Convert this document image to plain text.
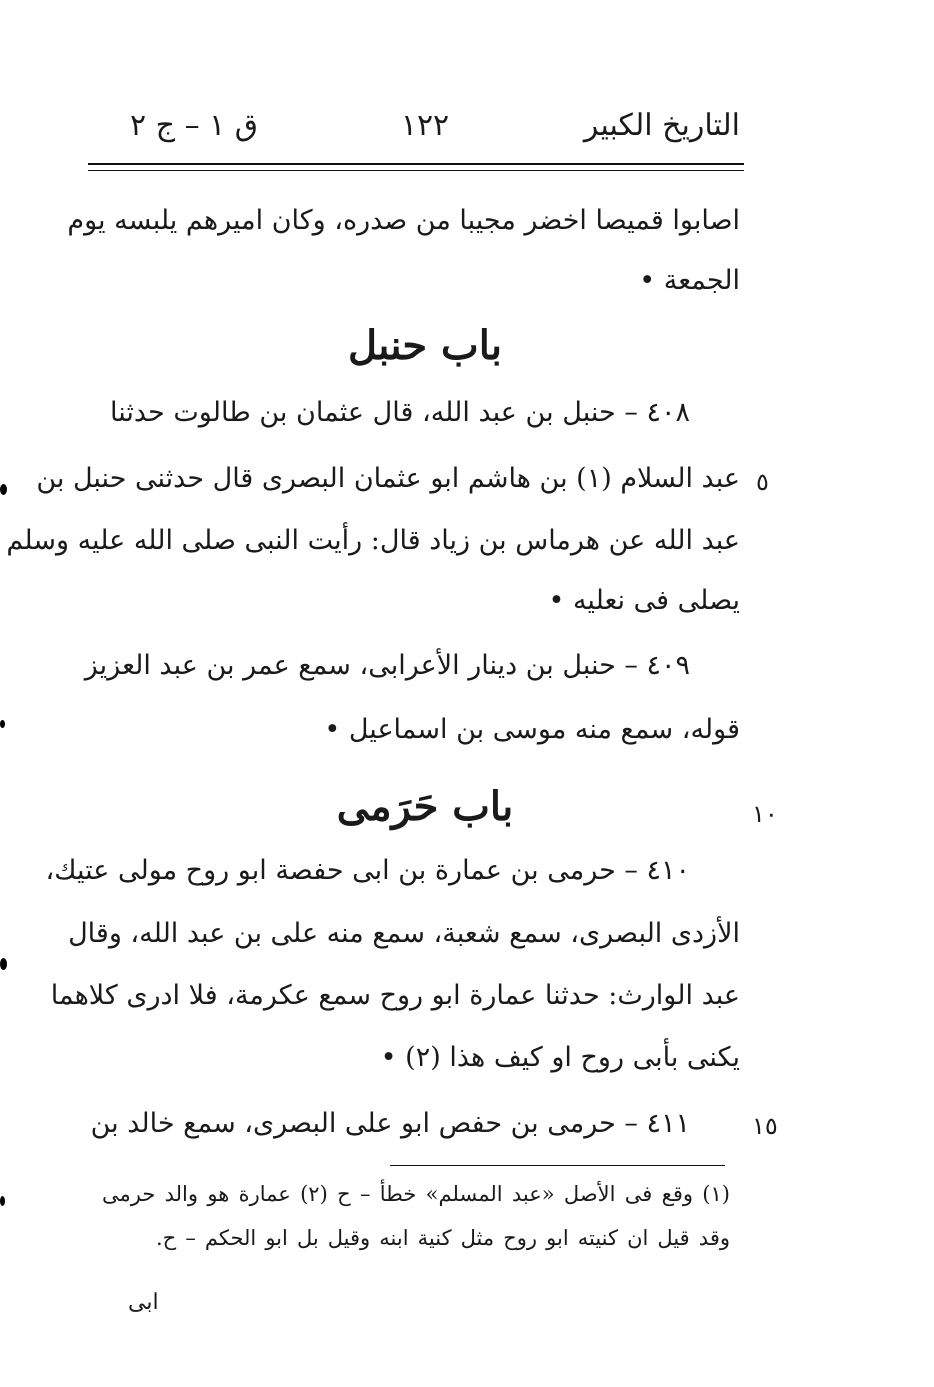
التاريخ الكبير
١٢٢
ق ١ – ج ٢
اصابوا قميصا اخضر مجيبا من صدره، وكان اميرهم يلبسه يوم
الجمعة •
باب حنبل
٤٠٨ – حنبل بن عبد الله، قال عثمان بن طالوت حدثنا
عبد السلام (١) بن هاشم ابو عثمان البصرى قال حدثنى حنبل بن
عبد الله عن هرماس بن زياد قال: رأيت النبى صلى الله عليه وسلم
يصلى فى نعليه •
٤٠٩ – حنبل بن دينار الأعرابى، سمع عمر بن عبد العزيز
قوله، سمع منه موسى بن اسماعيل •
باب حَرَمى
٤١٠ – حرمى بن عمارة بن ابى حفصة ابو روح مولى عتيك،
الأزدى البصرى، سمع شعبة، سمع منه على بن عبد الله، وقال
عبد الوارث: حدثنا عمارة ابو روح سمع عكرمة، فلا ادرى كلاهما
يكنى بأبى روح او كيف هذا (٢) •
٤١١ – حرمى بن حفص ابو على البصرى، سمع خالد بن
٥
١٠
١٥
(١) وقع فى الأصل «عبد المسلم» خطأ – ح (٢) عمارة هو والد حرمى
وقد قيل ان كنيته ابو روح مثل كنية ابنه وقيل بل ابو الحكم – ح.
ابى
